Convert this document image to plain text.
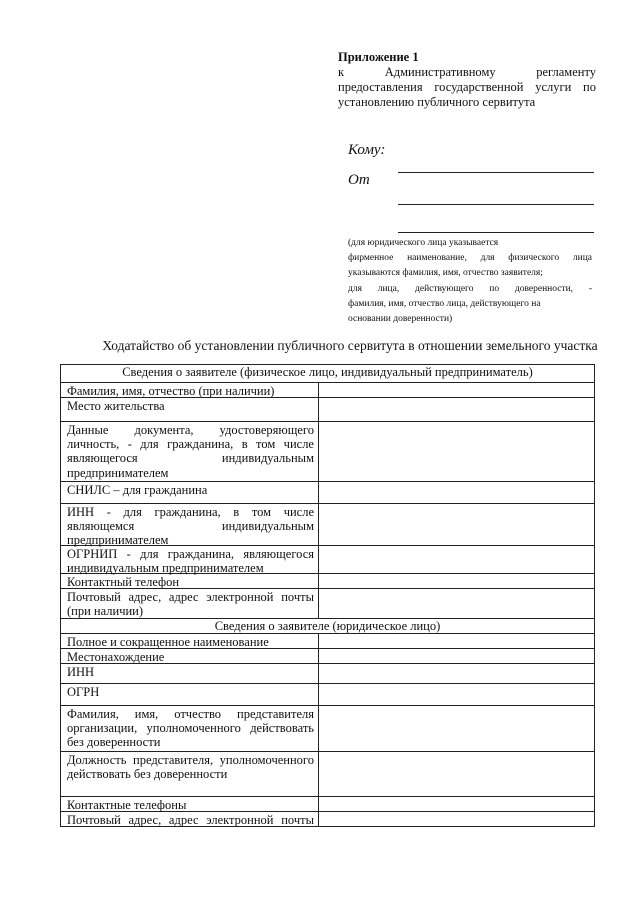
Приложение 1
к Административному регламенту
предоставления государственной услуги по
установлению публичного сервитута
Кому:
От
(для юридического лица указывается
фирменное наименование, для физического лица
указываются фамилия, имя, отчество заявителя;
для лица, действующего по доверенности, -
фамилия, имя, отчество лица, действующего на
основании доверенности)
Ходатайство об установлении публичного сервитута в отношении земельного участка
Сведения о заявителе (физическое лицо, индивидуальный предприниматель)
Фамилия, имя, отчество (при наличии)
Место жительства
Данные документа, удостоверяющего личность, - для гражданина, в том числе являющегося индивидуальным предпринимателем
СНИЛС – для гражданина
ИНН - для гражданина, в том числе являющемся индивидуальным предпринимателем
ОГРНИП - для гражданина, являющегося индивидуальным предпринимателем
Контактный телефон
Почтовый адрес, адрес электронной почты (при наличии)
Сведения о заявителе (юридическое лицо)
Полное и сокращенное наименование
Местонахождение
ИНН
ОГРН
Фамилия, имя, отчество представителя организации, уполномоченного действовать без доверенности
Должность представителя, уполномоченного действовать без доверенности
Контактные телефоны
Почтовый адрес, адрес электронной почты
